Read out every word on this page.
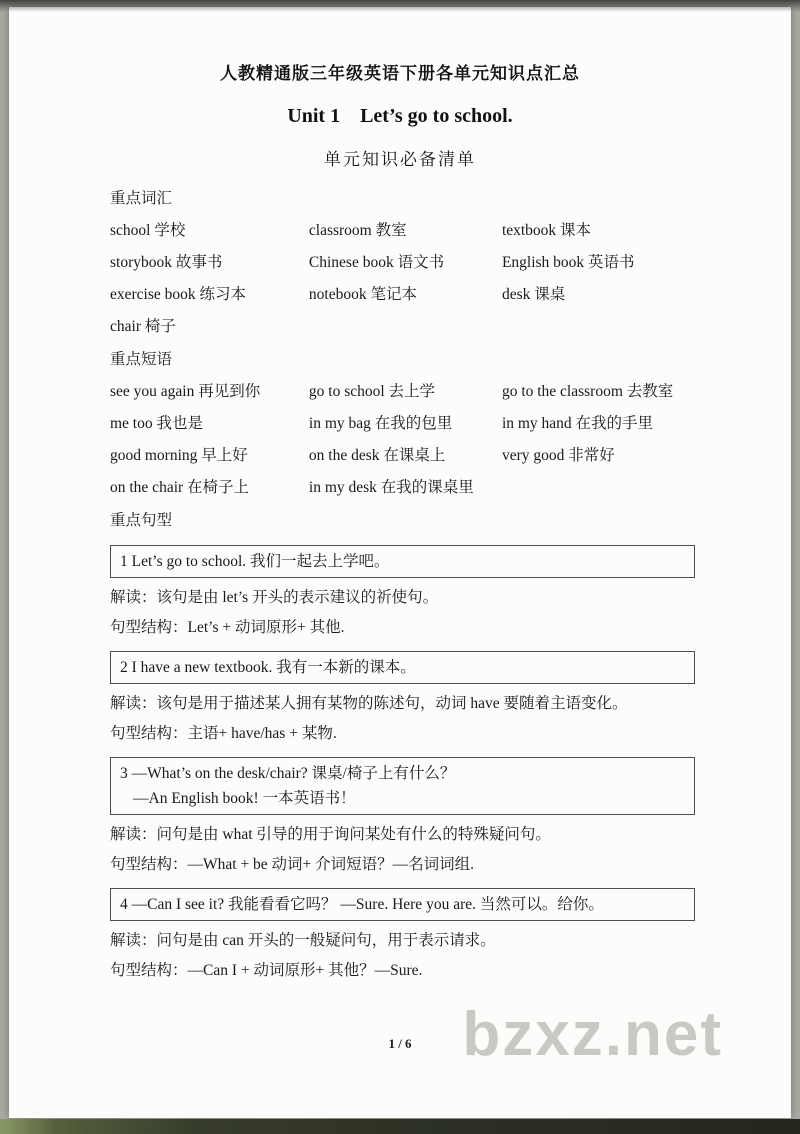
bzxz.net
人教精通版三年级英语下册各单元知识点汇总
Unit 1　Let’s go to school.
单元知识必备清单
重点词汇
school 学校	classroom 教室	textbook 课本
storybook 故事书	Chinese book 语文书	English book 英语书
exercise book 练习本	notebook 笔记本	desk 课桌
chair 椅子
重点短语
see you again 再见到你	go to school 去上学	go to the classroom 去教室
me too 我也是	in my bag 在我的包里	in my hand 在我的手里
good morning 早上好	on the desk 在课桌上	very good 非常好
on the chair 在椅子上	in my desk 在我的课桌里
重点句型
1 Let’s go to school. 我们一起去上学吧。
解读：该句是由 let’s 开头的表示建议的祈使句。
句型结构：Let’s + 动词原形+ 其他.
2 I have a new textbook. 我有一本新的课本。
解读：该句是用于描述某人拥有某物的陈述句，动词 have 要随着主语变化。
句型结构：主语+ have/has + 某物.
3 —What’s on the desk/chair? 课桌/椅子上有什么？
—An English book! 一本英语书！
解读：问句是由 what 引导的用于询问某处有什么的特殊疑问句。
句型结构：—What + be 动词+ 介词短语？—名词词组.
4 —Can I see it? 我能看看它吗？ —Sure. Here you are. 当然可以。给你。
解读：问句是由 can 开头的一般疑问句，用于表示请求。
句型结构：—Can I + 动词原形+ 其他？—Sure.
1 / 6
